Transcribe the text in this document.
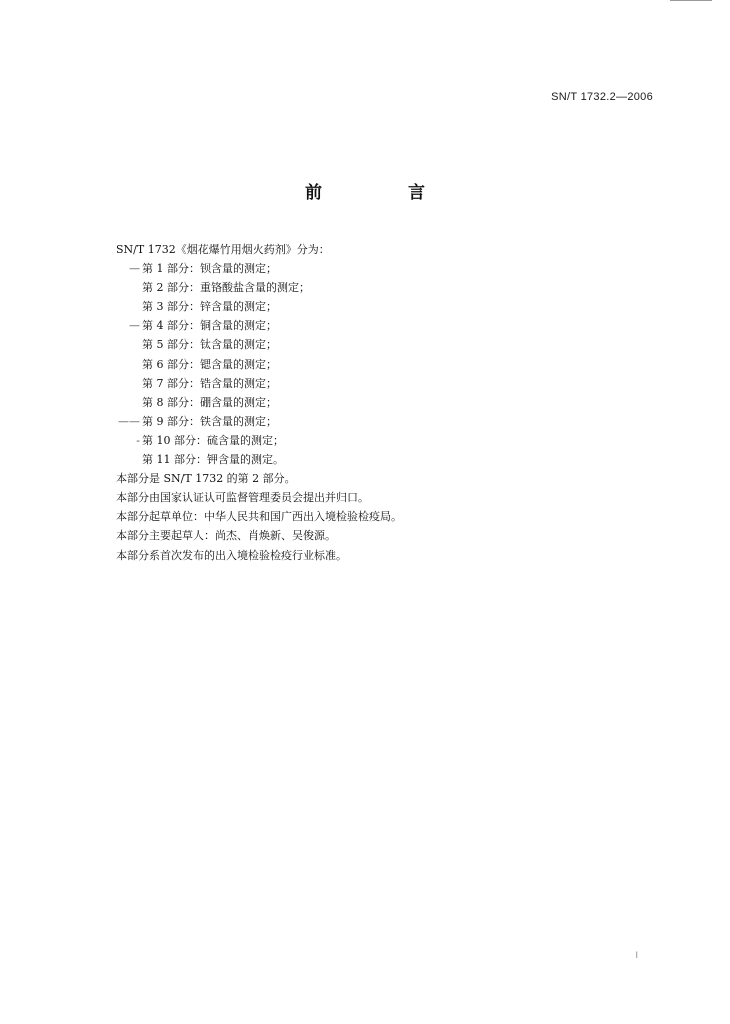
SN/T 1732.2—2006
前 言
SN/T 1732《烟花爆竹用烟火药剂》分为：
— 第 1 部分：钡含量的测定；
第 2 部分：重铬酸盐含量的测定；
第 3 部分：锌含量的测定；
— 第 4 部分：铜含量的测定；
第 5 部分：钛含量的测定；
第 6 部分：锶含量的测定；
第 7 部分：锆含量的测定；
第 8 部分：硼含量的测定；
—— 第 9 部分：铁含量的测定；
- 第 10 部分：硫含量的测定；
第 11 部分：钾含量的测定。
本部分是 SN/T 1732 的第 2 部分。
本部分由国家认证认可监督管理委员会提出并归口。
本部分起草单位：中华人民共和国广西出入境检验检疫局。
本部分主要起草人：尚杰、肖焕新、吴俊源。
本部分系首次发布的出入境检验检疫行业标准。
I
